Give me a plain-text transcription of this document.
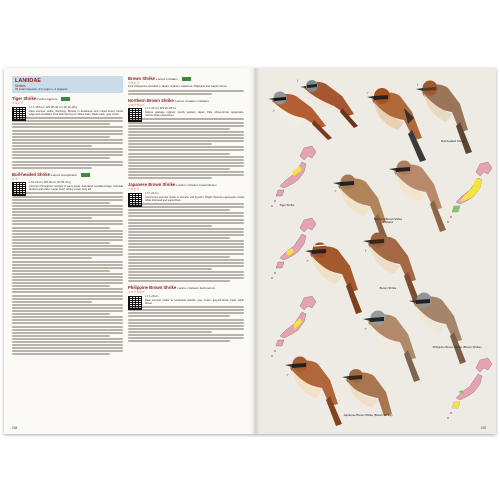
LANIIDAE
Shrikes
76 extant species, 4 in region + 2 vagrants
Tiger Shrike Lanius tigrinus
チゴモズ

L 17–18.5 cm; WS 28–30 cm; Wt 26–38 g

Rare summer visitor; declining. Breeds in deciduous and mixed forest, forest edge and woodland. Fine dark barring on rufous back, black mask, grey crown.

Bull-headed Shrike Lanius bucephalus
モズ

L 19–20 cm; WS 28 cm; Wt 35–54 g

Common throughout; resident in warm areas. Farmland, woodland edge, riverside thickets and parks. Large head, rufous crown, long tail.

Brown Shrike Lanius cristatus
アカモズ

Four subspecies recorded in Japan: northern, Japanese, Philippine and vagrant forms.

Northern Brown Shrike Lanius cristatus cristatus
シマアカモズ

L 17–20 cm; WS 26–28 cm

Scarce passage migrant, mostly western Japan. Pale rufous-brown upperparts, narrow white supercilium.

Japanese Brown Shrike Lanius cristatus superciliosus
アカモズ

L 17–20 cm

Uncommon summer visitor to Honshu and Kyushu. Bright chestnut upperparts, broad white forehead and supercilium.

Philippine Brown Shrike Lanius cristatus lucionensis
シマアカモズ

L 17–20 cm

Rare summer visitor to southwest islands; grey crown, greyish-brown back, white throat.

248
♂
♀
♂
♀
♂
♂
♀
♂
♂
Tiger Shrike
Bull-headed Shrike
Northern Brown Shrike
cristatus
Brown Shrike
Philippine Brown Shrike (Brown Shrike)
Japanese Brown Shrike (Brown Shrike)
249
